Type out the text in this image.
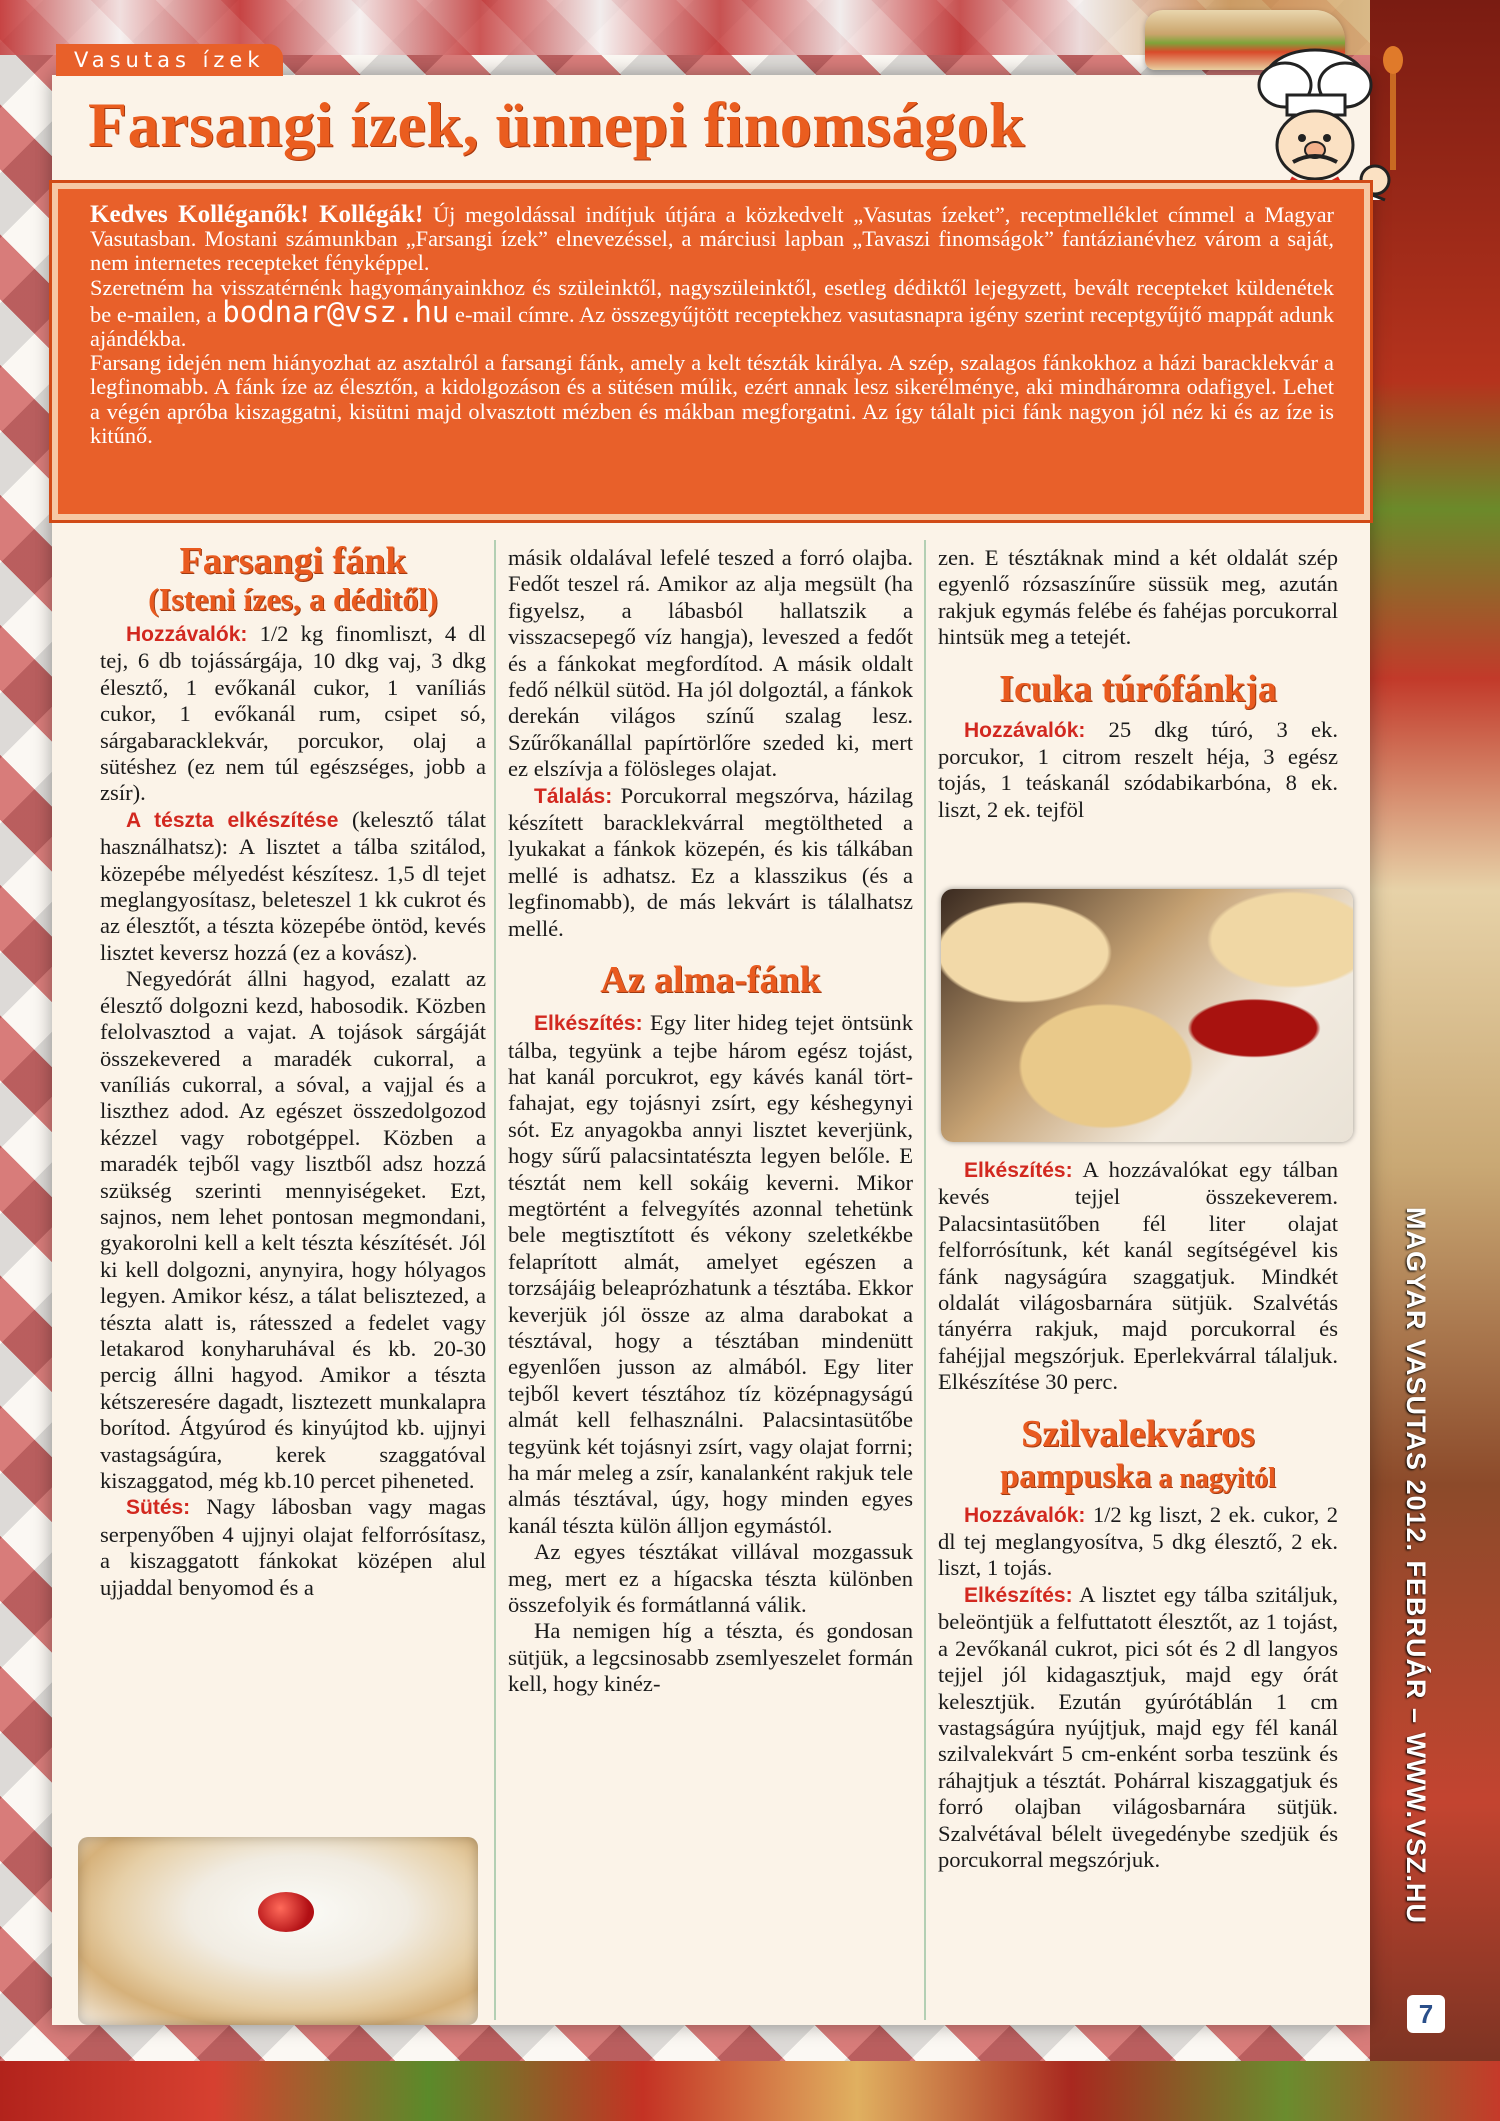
Vasutas ízek
Farsangi ízek, ünnepi finomságok

Kedves Kolléganők! Kollégák! Új megoldással indítjuk útjára a közkedvelt „Vasutas ízeket”, receptmelléklet címmel a Magyar Vasutasban. Mostani számunkban „Farsangi ízek” elnevezéssel, a márciusi lapban „Tavaszi finomságok” fantázianévhez várom a saját, nem internetes recepteket fényképpel.

Szeretném ha visszatérnénk hagyományainkhoz és szüleinktől, nagyszüleinktől, esetleg dédiktől lejegyzett, bevált recepteket küldenétek be e-mailen, a bodnar@vsz.hu e-mail címre. Az összegyűjtött receptekhez vasutasnapra igény szerint receptgyűjtő mappát adunk ajándékba.

Farsang idején nem hiányozhat az asztalról a farsangi fánk, amely a kelt tészták királya. A szép, szalagos fánkokhoz a házi baracklekvár a legfinomabb. A fánk íze az élesztőn, a kidolgozáson és a sütésen múlik, ezért annak lesz sikerélménye, aki mindháromra odafigyel. Lehet a végén apróba kiszaggatni, kisütni majd olvasztott mézben és mákban megforgatni. Az így tálalt pici fánk nagyon jól néz ki és az íze is kitűnő.

Farsangi fánk
(Isteni ízes, a déditől)

Hozzávalók: 1/2 kg finomliszt, 4 dl tej, 6 db tojássárgája, 10 dkg vaj, 3 dkg élesztő, 1 evőkanál cukor, 1 vaníliás cukor, 1 evőkanál rum, csipet só, sárgabaracklekvár, porcukor, olaj a sütéshez (ez nem túl egészséges, jobb a zsír).

A tészta elkészítése (kelesztő tálat használhatsz): A lisztet a tálba szitálod, közepébe mélyedést készítesz. 1,5 dl tejet meglangyosítasz, beleteszel 1 kk cukrot és az élesztőt, a tészta közepébe öntöd, kevés lisztet keversz hozzá (ez a kovász).

Negyedórát állni hagyod, ezalatt az élesztő dolgozni kezd, habosodik. Közben felolvasztod a vajat. A tojások sárgáját összekevered a maradék cukorral, a vaníliás cukorral, a sóval, a vajjal és a liszthez adod. Az egészet összedolgozod kézzel vagy robotgéppel. Közben a maradék tejből vagy lisztből adsz hozzá szükség szerinti mennyiségeket. Ezt, sajnos, nem lehet pontosan megmondani, gyakorolni kell a kelt tészta készítését. Jól ki kell dolgozni, anynyira, hogy hólyagos legyen. Amikor kész, a tálat belisztezed, a tészta alatt is, rátesszed a fedelet vagy letakarod konyharuhával és kb. 20-30 percig állni hagyod. Amikor a tészta kétszeresére dagadt, lisztezett munkalapra borítod. Átgyúrod és kinyújtod kb. ujjnyi vastagságúra, kerek szaggatóval kiszaggatod, még kb.10 percet piheneted.

Sütés: Nagy lábosban vagy magas serpenyőben 4 ujjnyi olajat felforrósítasz, a kiszaggatott fánkokat középen alul ujjaddal benyomod és a

másik oldalával lefelé teszed a forró olajba. Fedőt teszel rá. Amikor az alja megsült (ha figyelsz, a lábasból hallatszik a visszacsepegő víz hangja), leveszed a fedőt és a fánkokat megfordítod. A másik oldalt fedő nélkül sütöd. Ha jól dolgoztál, a fánkok derekán világos színű szalag lesz. Szűrőkanállal papírtörlőre szeded ki, mert ez elszívja a fölösleges olajat.

Tálalás: Porcukorral megszórva, házilag készített baracklekvárral megtöltheted a lyukakat a fánkok közepén, és kis tálkában mellé is adhatsz. Ez a klasszikus (és a legfinomabb), de más lekvárt is tálalhatsz mellé.

Az alma-fánk

Elkészítés: Egy liter hideg tejet öntsünk tálba, tegyünk a tejbe három egész tojást, hat kanál porcukrot, egy kávés kanál tört-fahajat, egy tojásnyi zsírt, egy késhegynyi sót. Ez anyagokba annyi lisztet keverjünk, hogy sűrű palacsintatészta legyen belőle. E tésztát nem kell sokáig keverni. Mikor megtörtént a felvegyítés azonnal tehetünk bele megtisztított és vékony szeletkékbe felaprított almát, amelyet egészen a torzsájáig beleaprózhatunk a tésztába. Ekkor keverjük jól össze az alma darabokat a tésztával, hogy a tésztában mindenütt egyenlően jusson az almából. Egy liter tejből kevert tésztához tíz középnagyságú almát kell felhasználni. Palacsintasütőbe tegyünk két tojásnyi zsírt, vagy olajat forrni; ha már meleg a zsír, kanalanként rakjuk tele almás tésztával, úgy, hogy minden egyes kanál tészta külön álljon egymástól.

Az egyes tésztákat villával mozgassuk meg, mert ez a hígacska tészta különben összefolyik és formátlanná válik.

Ha nemigen híg a tészta, és gondosan sütjük, a legcsinosabb zsemlyeszelet formán kell, hogy kinéz-

zen. E tésztáknak mind a két oldalát szép egyenlő rózsaszínűre süssük meg, azután rakjuk egymás felébe és fahéjas porcukorral hintsük meg a tetejét.

Icuka túrófánkja

Hozzávalók: 25 dkg túró, 3 ek. porcukor, 1 citrom reszelt héja, 3 egész tojás, 1 teáskanál szódabikarbóna, 8 ek. liszt, 2 ek. tejföl

Elkészítés: A hozzávalókat egy tálban kevés tejjel összekeverem. Palacsintasütőben fél liter olajat felforrósítunk, két kanál segítségével kis fánk nagyságúra szaggatjuk. Mindkét oldalát világosbarnára sütjük. Szalvétás tányérra rakjuk, majd porcukorral és fahéjjal megszórjuk. Eperlekvárral tálaljuk. Elkészítése 30 perc.

Szilvalekváros
pampuska a nagyitól

Hozzávalók: 1/2 kg liszt, 2 ek. cukor, 2 dl tej meglangyosítva, 5 dkg élesztő, 2 ek. liszt, 1 tojás.

Elkészítés: A lisztet egy tálba szitáljuk, beleöntjük a felfuttatott élesztőt, az 1 tojást, a 2evőkanál cukrot, pici sót és 2 dl langyos tejjel jól kidagasztjuk, majd egy órát kelesztjük. Ezután gyúrótáblán 1 cm vastagságúra nyújtjuk, majd egy fél kanál szilvalekvárt 5 cm-enként sorba teszünk és ráhajtjuk a tésztát. Pohárral kiszaggatjuk és forró olajban világosbarnára sütjük. Szalvétával bélelt üvegedénybe szedjük és porcukorral megszórjuk.	MAGYAR VASUTAS 2012. FEBRUÁR – WWW.VSZ.HU
7
